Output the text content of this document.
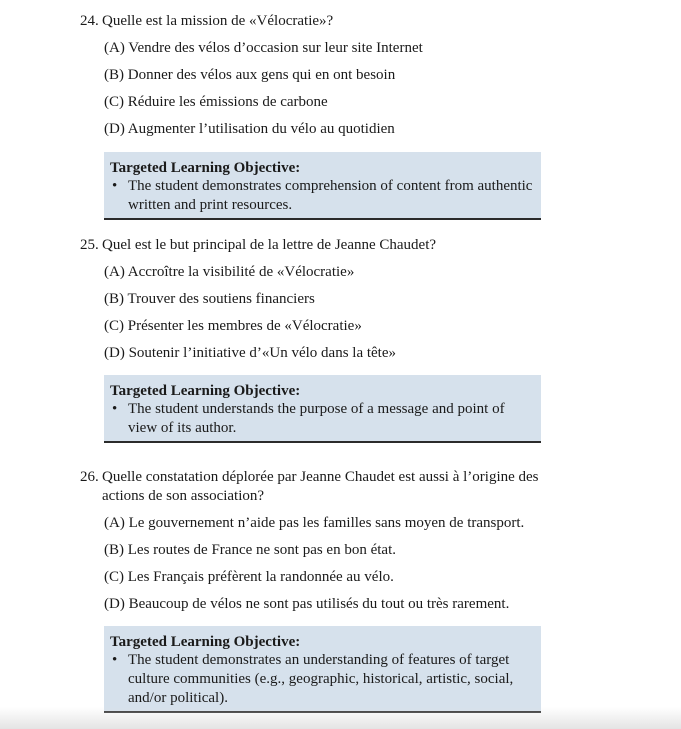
24. Quelle est la mission de «Vélocratie»?
(A) Vendre des vélos d’occasion sur leur site Internet
(B) Donner des vélos aux gens qui en ont besoin
(C) Réduire les émissions de carbone
(D) Augmenter l’utilisation du vélo au quotidien
Targeted Learning Objective:
• The student demonstrates comprehension of content from authentic written and print resources.
25. Quel est le but principal de la lettre de Jeanne Chaudet?
(A) Accroître la visibilité de «Vélocratie»
(B) Trouver des soutiens financiers
(C) Présenter les membres de «Vélocratie»
(D) Soutenir l’initiative d’«Un vélo dans la tête»
Targeted Learning Objective:
• The student understands the purpose of a message and point of view of its author.
26. Quelle constatation déplorée par Jeanne Chaudet est aussi à l’origine des actions de son association?
(A) Le gouvernement n’aide pas les familles sans moyen de transport.
(B) Les routes de France ne sont pas en bon état.
(C) Les Français préfèrent la randonnée au vélo.
(D) Beaucoup de vélos ne sont pas utilisés du tout ou très rarement.
Targeted Learning Objective:
• The student demonstrates an understanding of features of target culture communities (e.g., geographic, historical, artistic, social, and/or political).
